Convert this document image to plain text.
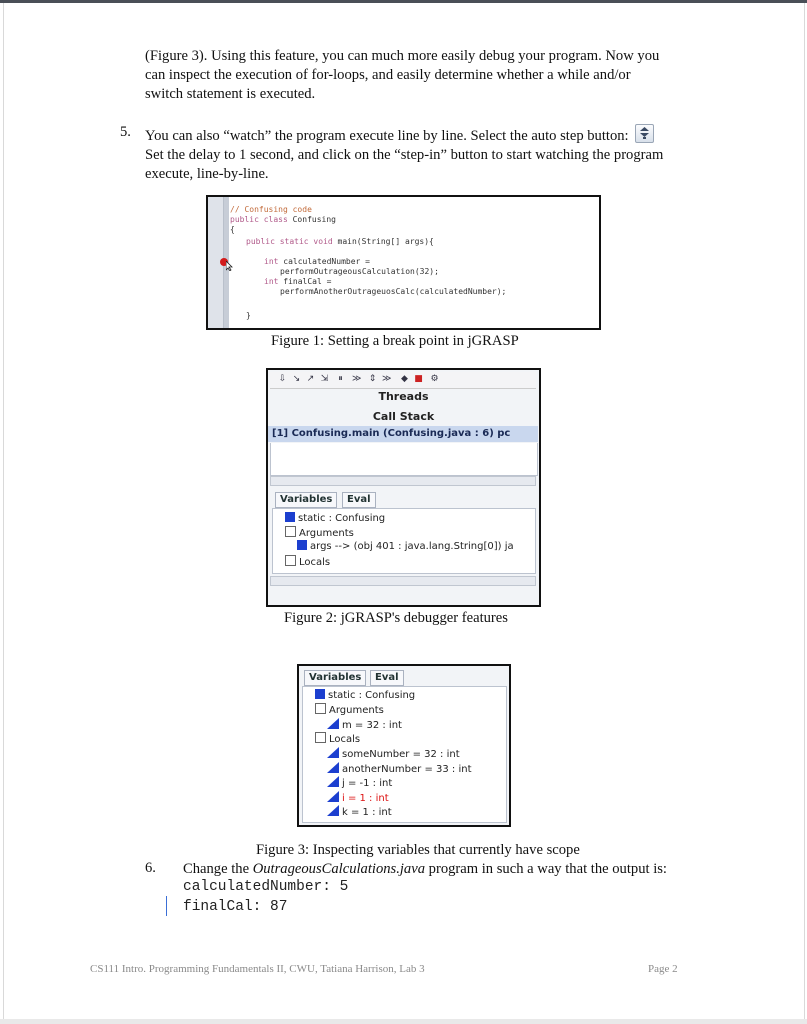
(Figure 3). Using this feature, you can much more easily debug your program. Now you
can inspect the execution of for-loops, and easily determine whether a while and/or
switch statement is executed.
5. You can also “watch” the program execute line by line. Select the auto step button:
Set the delay to 1 second, and click on the “step-in” button to start watching the program
execute, line-by-line.
// Confusing code
public class Confusing
{
public static void main(String[] args){
int calculatedNumber =
performOutrageousCalculation(32);
int finalCal =
performAnotherOutrageuosCalc(calculatedNumber);
}
Figure 1: Setting a break point in jGRASP
⇩ ↘ ↗ ⇲ ⏸ ≫ ⇕ ≫ ◆ ■ ⚙
Threads
Call Stack
[1] Confusing.main (Confusing.java : 6) pc
Variables	Eval
static : Confusing
Arguments
args --> (obj 401 : java.lang.String[0]) ja
Locals
Figure 2: jGRASP's debugger features
Variables	Eval
static : Confusing
Arguments
m = 32 : int
Locals
someNumber = 32 : int
anotherNumber = 33 : int
j = -1 : int
i = 1 : int
k = 1 : int
Figure 3: Inspecting variables that currently have scope
6. Change the OutrageousCalculations.java program in such a way that the output is:
calculatedNumber: 5
finalCal: 87
CS111 Intro. Programming Fundamentals II, CWU, Tatiana Harrison, Lab 3	Page 2
